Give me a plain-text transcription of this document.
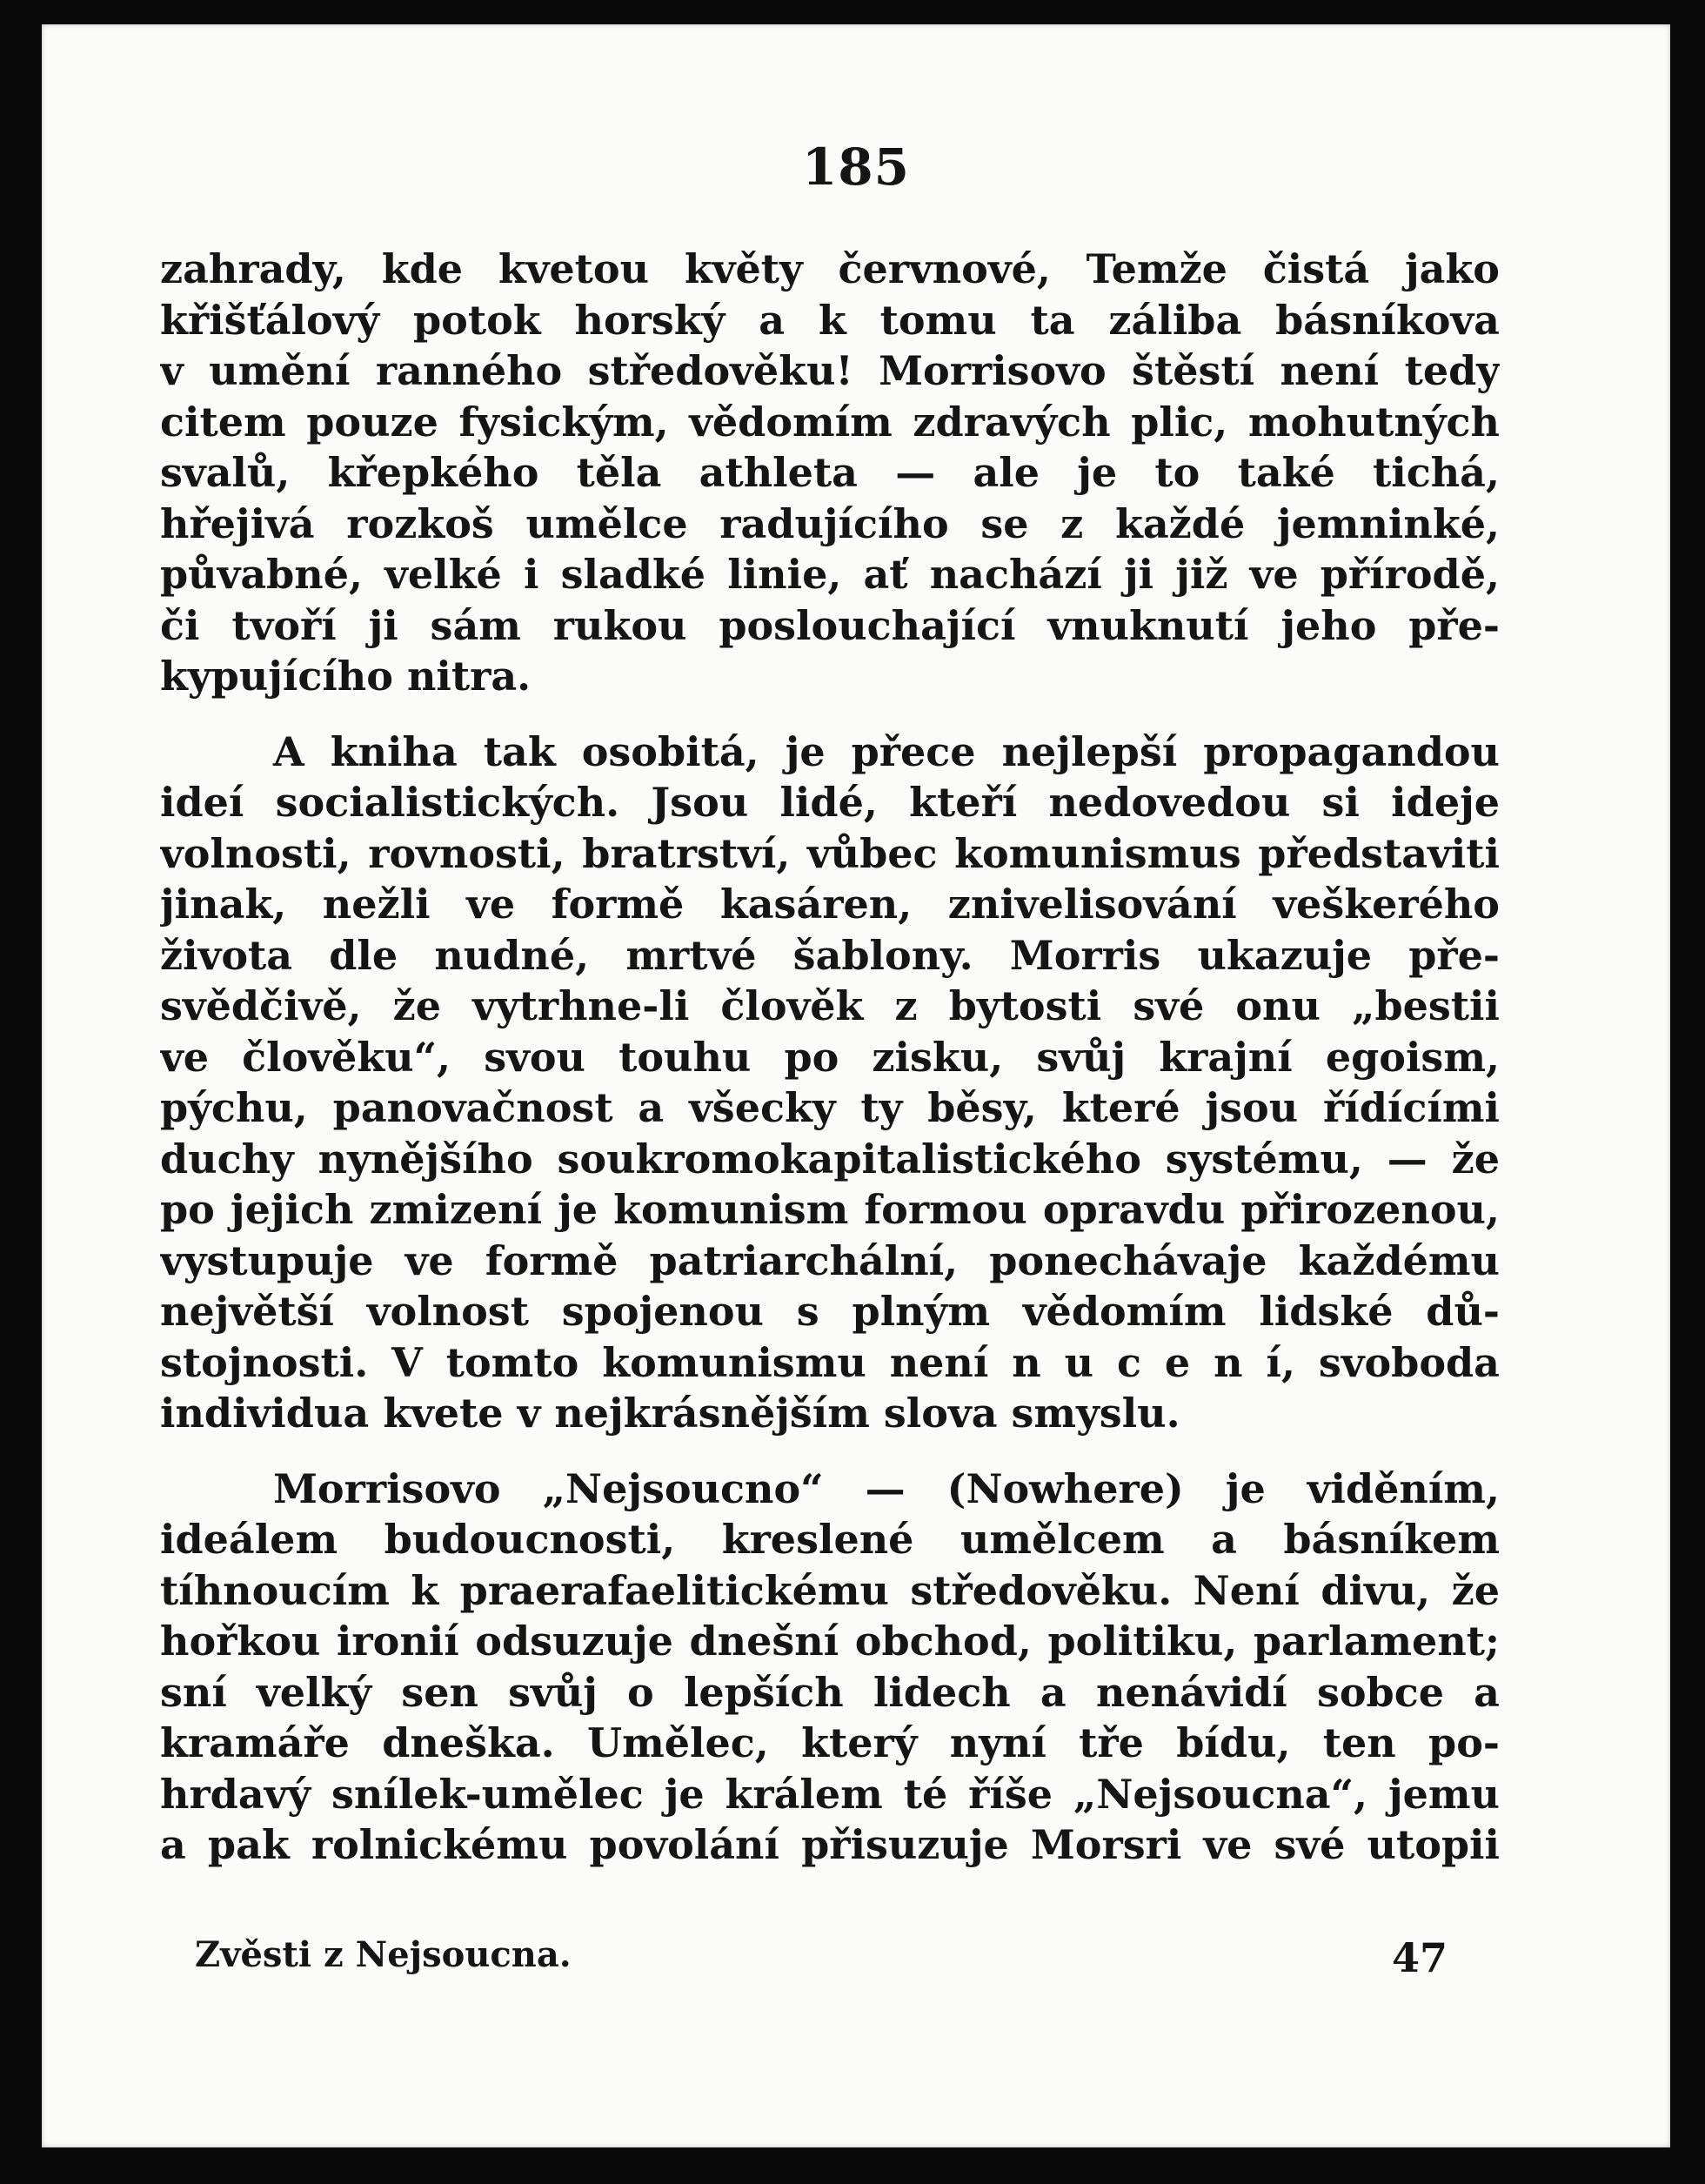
185
zahrady, kde kvetou květy červnové, Temže čistá jako
křišťálový potok horský a k tomu ta záliba básníkova
v umění ranného středověku! Morrisovo štěstí není tedy
citem pouze fysickým, vědomím zdravých plic, mohutných
svalů, křepkého těla athleta — ale je to také tichá,
hřejivá rozkoš umělce radujícího se z každé jemninké,
půvabné, velké i sladké linie, ať nachází ji již ve přírodě,
či tvoří ji sám rukou poslouchající vnuknutí jeho pře-
kypujícího nitra.
A kniha tak osobitá, je přece nejlepší propagandou
ideí socialistických. Jsou lidé, kteří nedovedou si ideje
volnosti, rovnosti, bratrství, vůbec komunismus představiti
jinak, nežli ve formě kasáren, znivelisování veškerého
života dle nudné, mrtvé šablony. Morris ukazuje pře-
svědčivě, že vytrhne-li člověk z bytosti své onu „bestii
ve člověku“, svou touhu po zisku, svůj krajní egoism,
pýchu, panovačnost a všecky ty běsy, které jsou řídícími
duchy nynějšího soukromokapitalistického systému, — že
po jejich zmizení je komunism formou opravdu přirozenou,
vystupuje ve formě patriarchální, ponechávaje každému
největší volnost spojenou s plným vědomím lidské dů-
stojnosti. V tomto komunismu není n u c e n í, svoboda
individua kvete v nejkrásnějším slova smyslu.
Morrisovo „Nejsoucno“ — (Nowhere) je viděním,
ideálem budoucnosti, kreslené umělcem a básníkem
tíhnoucím k praerafaelitickému středověku. Není divu, že
hořkou ironií odsuzuje dnešní obchod, politiku, parlament;
sní velký sen svůj o lepších lidech a nenávidí sobce a
kramáře dneška. Umělec, který nyní tře bídu, ten po-
hrdavý snílek-umělec je králem té říše „Nejsoucna“, jemu
a pak rolnickému povolání přisuzuje Morsri ve své utopii
Zvěsti z Nejsoucna.	47
